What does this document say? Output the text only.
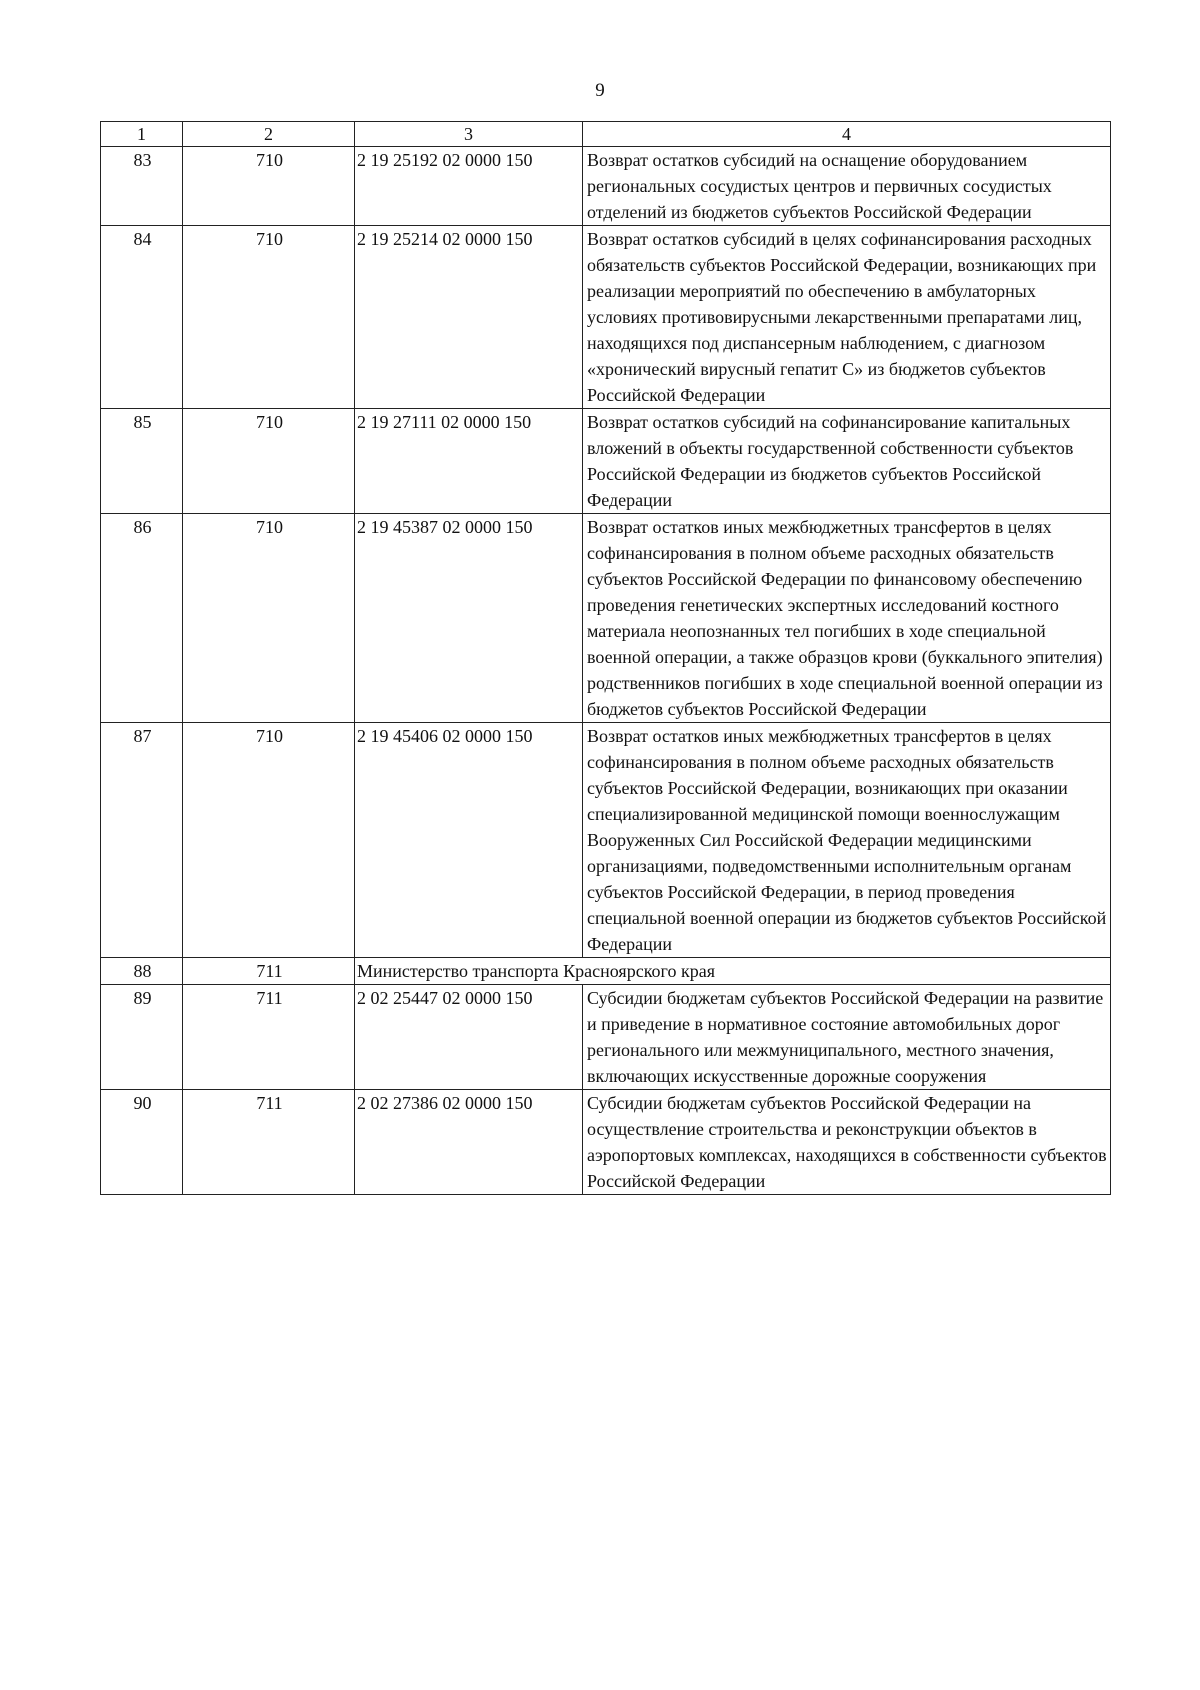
9
1	2	3	4
83	710	2 19 25192 02 0000 150	Возврат остатков субсидий на оснащение оборудованием региональных сосудистых центров и первичных сосудистых отделений из бюджетов субъектов Российской Федерации
84	710	2 19 25214 02 0000 150	Возврат остатков субсидий в целях софинансирования расходных обязательств субъектов Российской Федерации, возникающих при реализации мероприятий по обеспечению в амбулаторных условиях противовирусными лекарственными препаратами лиц, находящихся под диспансерным наблюдением, с диагнозом «хронический вирусный гепатит С» из бюджетов субъектов Российской Федерации
85	710	2 19 27111 02 0000 150	Возврат остатков субсидий на софинансирование капитальных вложений в объекты государственной собственности субъектов Российской Федерации из бюджетов субъектов Российской Федерации
86	710	2 19 45387 02 0000 150	Возврат остатков иных межбюджетных трансфертов в целях софинансирования в полном объеме расходных обязательств субъектов Российской Федерации по финансовому обеспечению проведения генетических экспертных исследований костного материала неопознанных тел погибших в ходе специальной военной операции, а также образцов крови (буккального эпителия) родственников погибших в ходе специальной военной операции из бюджетов субъектов Российской Федерации
87	710	2 19 45406 02 0000 150	Возврат остатков иных межбюджетных трансфертов в целях софинансирования в полном объеме расходных обязательств субъектов Российской Федерации, возникающих при оказании специализированной медицинской помощи военнослужащим Вооруженных Сил Российской Федерации медицинскими организациями, подведомственными исполнительным органам субъектов Российской Федерации, в период проведения специальной военной операции из бюджетов субъектов Российской Федерации
88	711	Министерство транспорта Красноярского края	
89	711	2 02 25447 02 0000 150	Субсидии бюджетам субъектов Российской Федерации на развитие и приведение в нормативное состояние автомобильных дорог регионального или межмуниципального, местного значения, включающих искусственные дорожные сооружения
90	711	2 02 27386 02 0000 150	Субсидии бюджетам субъектов Российской Федерации на осуществление строительства и реконструкции объектов в аэропортовых комплексах, находящихся в собственности субъектов Российской Федерации
